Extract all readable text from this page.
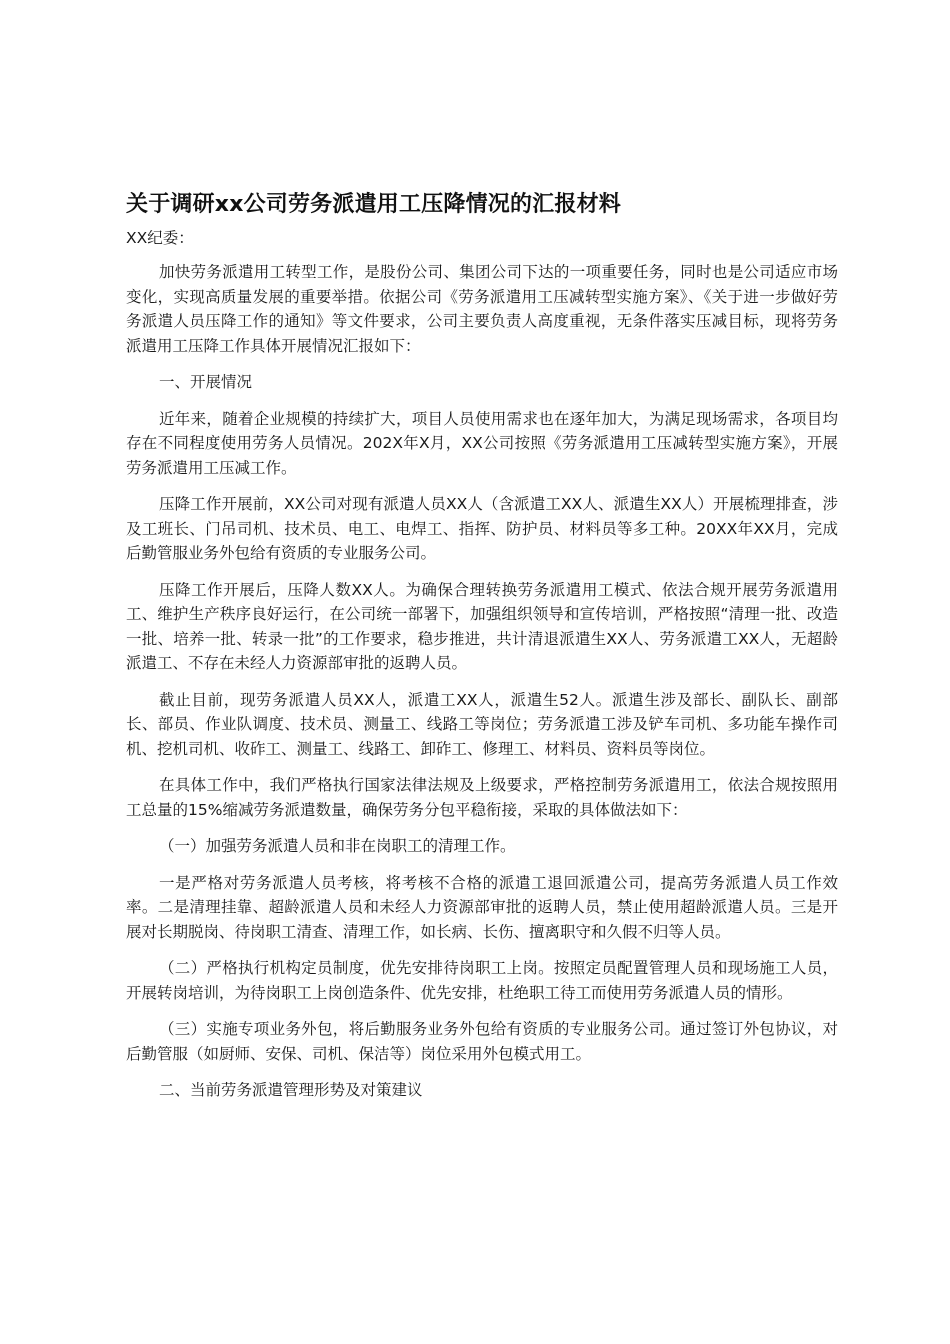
关于调研xx公司劳务派遣用工压降情况的汇报材料

XX纪委：

加快劳务派遣用工转型工作，是股份公司、集团公司下达的一项重要任务，同时也是公司适应市场变化，实现高质量发展的重要举措。依据公司《劳务派遣用工压减转型实施方案》、《关于进一步做好劳务派遣人员压降工作的通知》等文件要求，公司主要负责人高度重视，无条件落实压减目标，现将劳务派遣用工压降工作具体开展情况汇报如下：

一、开展情况

近年来，随着企业规模的持续扩大，项目人员使用需求也在逐年加大，为满足现场需求，各项目均存在不同程度使用劳务人员情况。202X年X月，XX公司按照《劳务派遣用工压减转型实施方案》，开展劳务派遣用工压减工作。

压降工作开展前，XX公司对现有派遣人员XX人（含派遣工XX人、派遣生XX人）开展梳理排查，涉及工班长、门吊司机、技术员、电工、电焊工、指挥、防护员、材料员等多工种。20XX年XX月，完成后勤管服业务外包给有资质的专业服务公司。

压降工作开展后，压降人数XX人。为确保合理转换劳务派遣用工模式、依法合规开展劳务派遣用工、维护生产秩序良好运行，在公司统一部署下，加强组织领导和宣传培训，严格按照“清理一批、改造一批、培养一批、转录一批”的工作要求，稳步推进，共计清退派遣生XX人、劳务派遣工XX人，无超龄派遣工、不存在未经人力资源部审批的返聘人员。

截止目前，现劳务派遣人员XX人，派遣工XX人，派遣生52人。派遣生涉及部长、副队长、副部长、部员、作业队调度、技术员、测量工、线路工等岗位；劳务派遣工涉及铲车司机、多功能车操作司机、挖机司机、收砟工、测量工、线路工、卸砟工、修理工、材料员、资料员等岗位。

在具体工作中，我们严格执行国家法律法规及上级要求，严格控制劳务派遣用工，依法合规按照用工总量的15%缩减劳务派遣数量，确保劳务分包平稳衔接，采取的具体做法如下：

（一）加强劳务派遣人员和非在岗职工的清理工作。

一是严格对劳务派遣人员考核，将考核不合格的派遣工退回派遣公司，提高劳务派遣人员工作效率。二是清理挂靠、超龄派遣人员和未经人力资源部审批的返聘人员，禁止使用超龄派遣人员。三是开展对长期脱岗、待岗职工清查、清理工作，如长病、长伤、擅离职守和久假不归等人员。

（二）严格执行机构定员制度，优先安排待岗职工上岗。按照定员配置管理人员和现场施工人员，开展转岗培训，为待岗职工上岗创造条件、优先安排，杜绝职工待工而使用劳务派遣人员的情形。

（三）实施专项业务外包，将后勤服务业务外包给有资质的专业服务公司。通过签订外包协议，对后勤管服（如厨师、安保、司机、保洁等）岗位采用外包模式用工。

二、当前劳务派遣管理形势及对策建议
